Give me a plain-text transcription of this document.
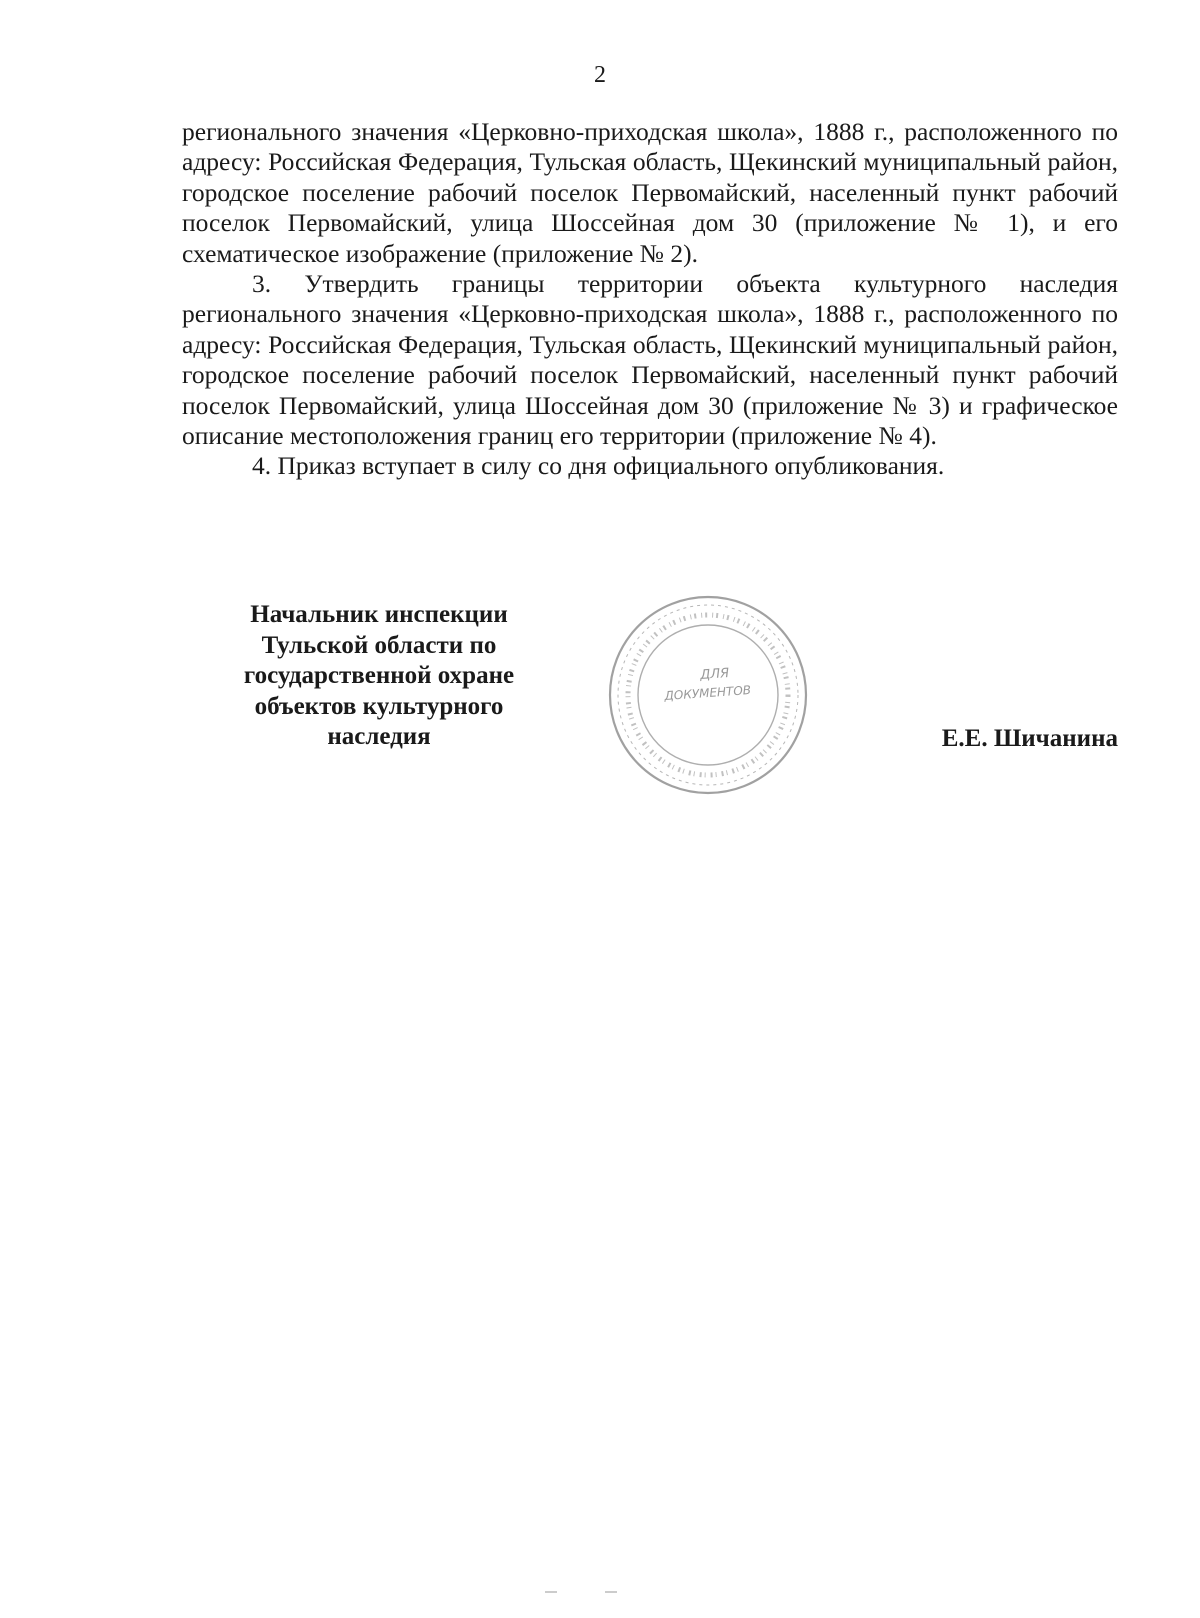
2

регионального значения «Церковно-приходская школа», 1888 г., расположенного по адресу: Российская Федерация, Тульская область, Щекинский муниципальный район, городское поселение рабочий поселок Первомайский, населенный пункт рабочий поселок Первомайский, улица Шоссейная дом 30 (приложение № 1), и его схематическое изображение (приложение № 2).

3. Утвердить границы территории объекта культурного наследия регионального значения «Церковно-приходская школа», 1888 г., расположенного по адресу: Российская Федерация, Тульская область, Щекинский муниципальный район, городское поселение рабочий поселок Первомайский, населенный пункт рабочий поселок Первомайский, улица Шоссейная дом 30 (приложение № 3) и графическое описание местоположения границ его территории (приложение № 4).

4. Приказ вступает в силу со дня официального опубликования.

Начальник инспекции
Тульской области по
государственной охране
объектов культурного
наследия
ДЛЯ
ДОКУМЕНТОВ
Е.Е. Шичанина
